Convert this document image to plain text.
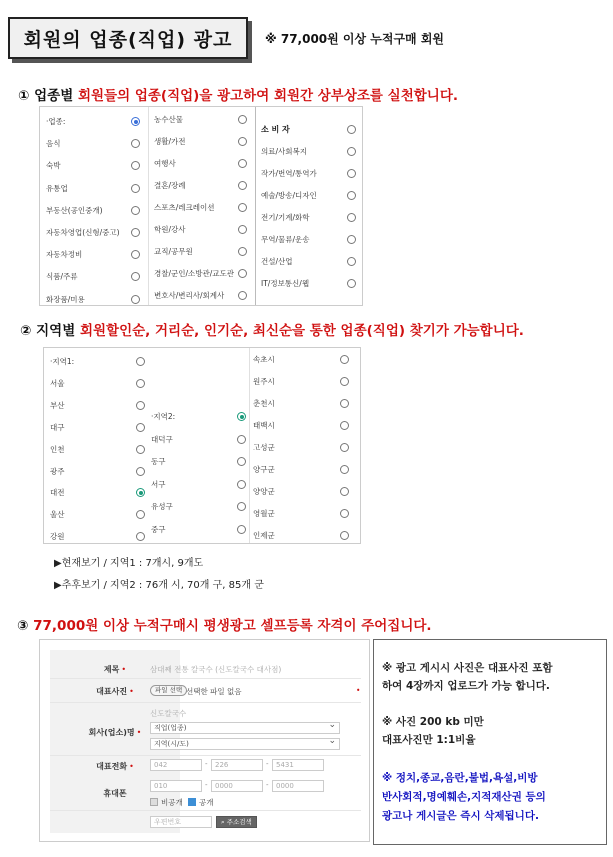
회원의 업종(직업) 광고	※ 77,000원 이상 누적구매 회원
① 업종별 회원들의 업종(직업)을 광고하여 회원간 상부상조를 실천합니다.
·업종:
음식
숙박
유통업
부동산(공인중개)
자동차영업(신형/중고)
자동차정비
식품/주류
화장품/미용
농수산물
생활/가전
여행사
결혼/장례
스포츠/레크레이션
학원/강사
교직/공무원
경찰/군인/소방관/교도관
변호사/변리사/회계사
소 비 자
의료/사회복지
작가/번역/통역가
예술/방송/디자인
전기/기계/화학
무역/물류/운송
건설/산업
IT/정보통신/웹
② 지역별 회원할인순, 거리순, 인기순, 최신순을 통한 업종(직업) 찾기가 가능합니다.
·지역1:
서울
부산
대구
인천
광주
대전
울산
강원
·지역2:
대덕구
동구
서구
유성구
중구
속초시
원주시
춘천시
태백시
고성군
양구군
양양군
영월군
인제군
▶현재보기 / 지역1 : 7개시, 9개도
▶추후보기 / 지역2 : 76개 시, 70개 구, 85개 군
③ 77,000원 이상 누적구매시 평생광고 셀프등록 자격이 주어집니다.
제목 •	삼대째 전통 칼국수 (신도칼국수 대사점)
대표사진 •	파일 선택 선택한 파일 없음	•
신도칼국수
회사(업소)명 •	직업(업종) ⌄
지역(시/도) ⌄
대표전화 •	042	-	226	-	5431
휴대폰
010	-	0000	-	0000
비공개 공개
우편번호	⌕ 주소검색
※ 광고 게시시 사진은 대표사진 포함
하여 4장까지 업로드가 가능 합니다.
※ 사진 200 kb 미만
대표사진만 1:1비율
※ 정치,종교,음란,불법,욕설,비방
반사회적,명예훼손,지적재산권 등의
광고나 게시글은 즉시 삭제됩니다.
